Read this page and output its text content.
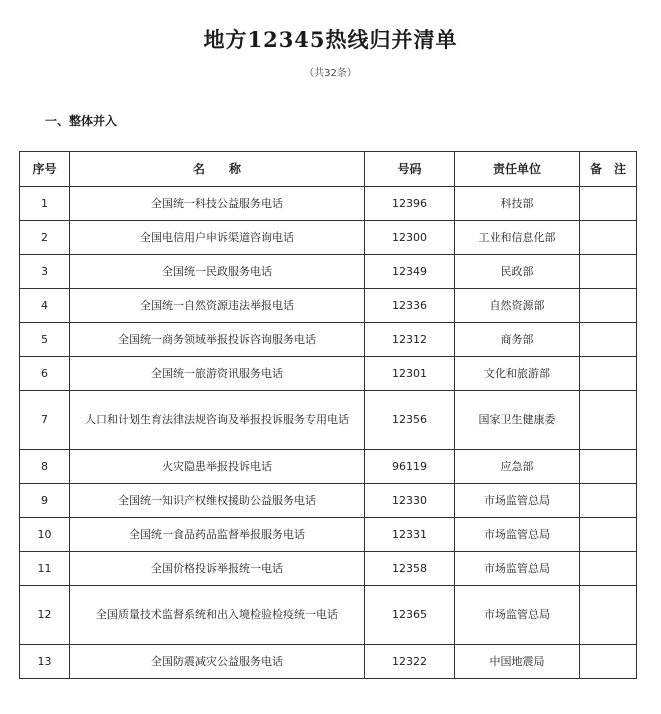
地方12345热线归并清单
（共32条）
一、整体并入
序号	名　　称	号码	责任单位	备　注
1	全国统一科技公益服务电话	12396	科技部	
2	全国电信用户申诉渠道咨询电话	12300	工业和信息化部	
3	全国统一民政服务电话	12349	民政部	
4	全国统一自然资源违法举报电话	12336	自然资源部	
5	全国统一商务领域举报投诉咨询服务电话	12312	商务部	
6	全国统一旅游资讯服务电话	12301	文化和旅游部	
7	人口和计划生育法律法规咨询及举报投诉服务专用电话	12356	国家卫生健康委	
8	火灾隐患举报投诉电话	96119	应急部	
9	全国统一知识产权维权援助公益服务电话	12330	市场监管总局	
10	全国统一食品药品监督举报服务电话	12331	市场监管总局	
11	全国价格投诉举报统一电话	12358	市场监管总局	
12	全国质量技术监督系统和出入境检验检疫统一电话	12365	市场监管总局	
13	全国防震减灾公益服务电话	12322	中国地震局	
